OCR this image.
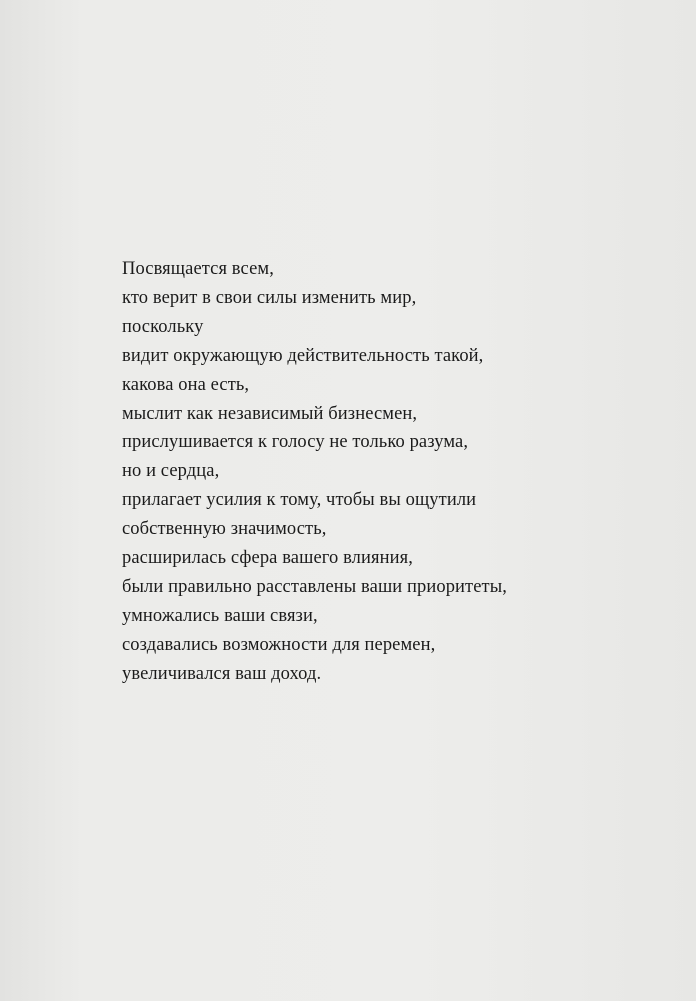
Посвящается всем,
кто верит в свои силы изменить мир,
поскольку
видит окружающую действительность такой,
какова она есть,
мыслит как независимый бизнесмен,
прислушивается к голосу не только разума,
но и сердца,
прилагает усилия к тому, чтобы вы ощутили
собственную значимость,
расширилась сфера вашего влияния,
были правильно расставлены ваши приоритеты,
умножались ваши связи,
создавались возможности для перемен,
увеличивался ваш доход.
